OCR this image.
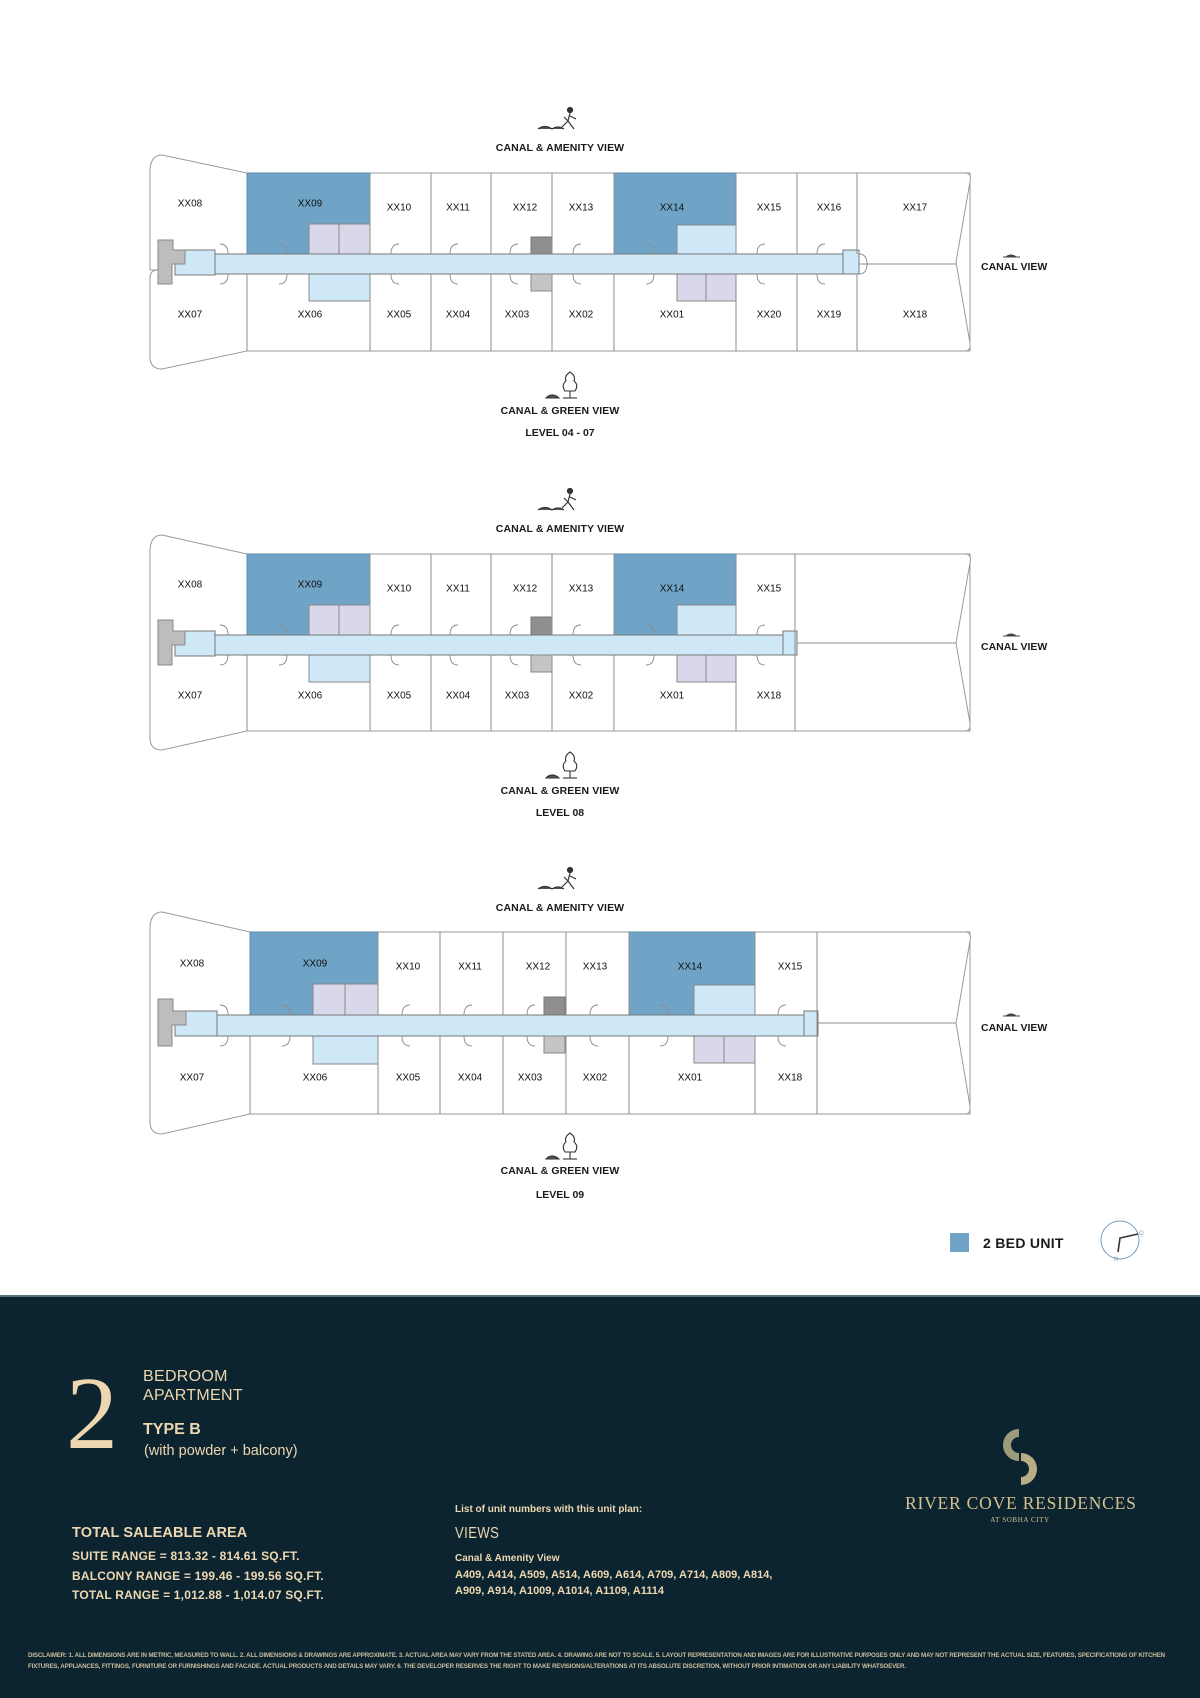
CANAL & AMENITY VIEW
CANAL & GREEN VIEW
LEVEL 04 - 07
CANAL VIEW
XX08	XX09	XX10	XX11	XX12	XX13	XX14	XX15	XX16	XX17
XX07	XX06	XX05	XX04	XX03	XX02	XX01	XX20	XX19	XX18
CANAL & AMENITY VIEW
CANAL & GREEN VIEW
LEVEL 08
CANAL VIEW
XX08	XX09	XX10	XX11	XX12	XX13	XX14	XX15
XX07	XX06	XX05	XX04	XX03	XX02	XX01	XX18
CANAL & AMENITY VIEW
CANAL & GREEN VIEW
LEVEL 09
CANAL VIEW
XX08	XX09	XX10	XX11	XX12	XX13	XX14	XX15
XX07	XX06	XX05	XX04	XX03	XX02	XX01	XX18
2 BED UNIT
Q
N
2 BEDROOM
APARTMENT
TYPE B
(with powder + balcony)
TOTAL SALEABLE AREA
SUITE RANGE = 813.32 - 814.61 SQ.FT.
BALCONY RANGE = 199.46 - 199.56 SQ.FT.
TOTAL RANGE = 1,012.88 - 1,014.07 SQ.FT.
List of unit numbers with this unit plan:
VIEWS
Canal & Amenity View
A409, A414, A509, A514, A609, A614, A709, A714, A809, A814, A909, A914, A1009, A1014, A1109, A1114
RIVER COVE RESIDENCES
AT SOBHA CITY
DISCLAIMER: 1. ALL DIMENSIONS ARE IN METRIC, MEASURED TO WALL. 2. ALL DIMENSIONS & DRAWINGS ARE APPROXIMATE. 3. ACTUAL AREA MAY VARY FROM THE STATED AREA. 4. DRAWING ARE NOT TO SCALE. 5. LAYOUT REPRESENTATION AND IMAGES ARE FOR ILLUSTRATIVE PURPOSES ONLY AND MAY NOT REPRESENT THE ACTUAL SIZE, FEATURES, SPECIFICATIONS OF KITCHEN FIXTURES, APPLIANCES, FITTINGS, FURNITURE OR FURNISHINGS AND FACADE. ACTUAL PRODUCTS AND DETAILS MAY VARY. 6. THE DEVELOPER RESERVES THE RIGHT TO MAKE REVISIONS/ALTERATIONS AT ITS ABSOLUTE DISCRETION, WITHOUT PRIOR INTIMATION OR ANY LIABILITY WHATSOEVER.
